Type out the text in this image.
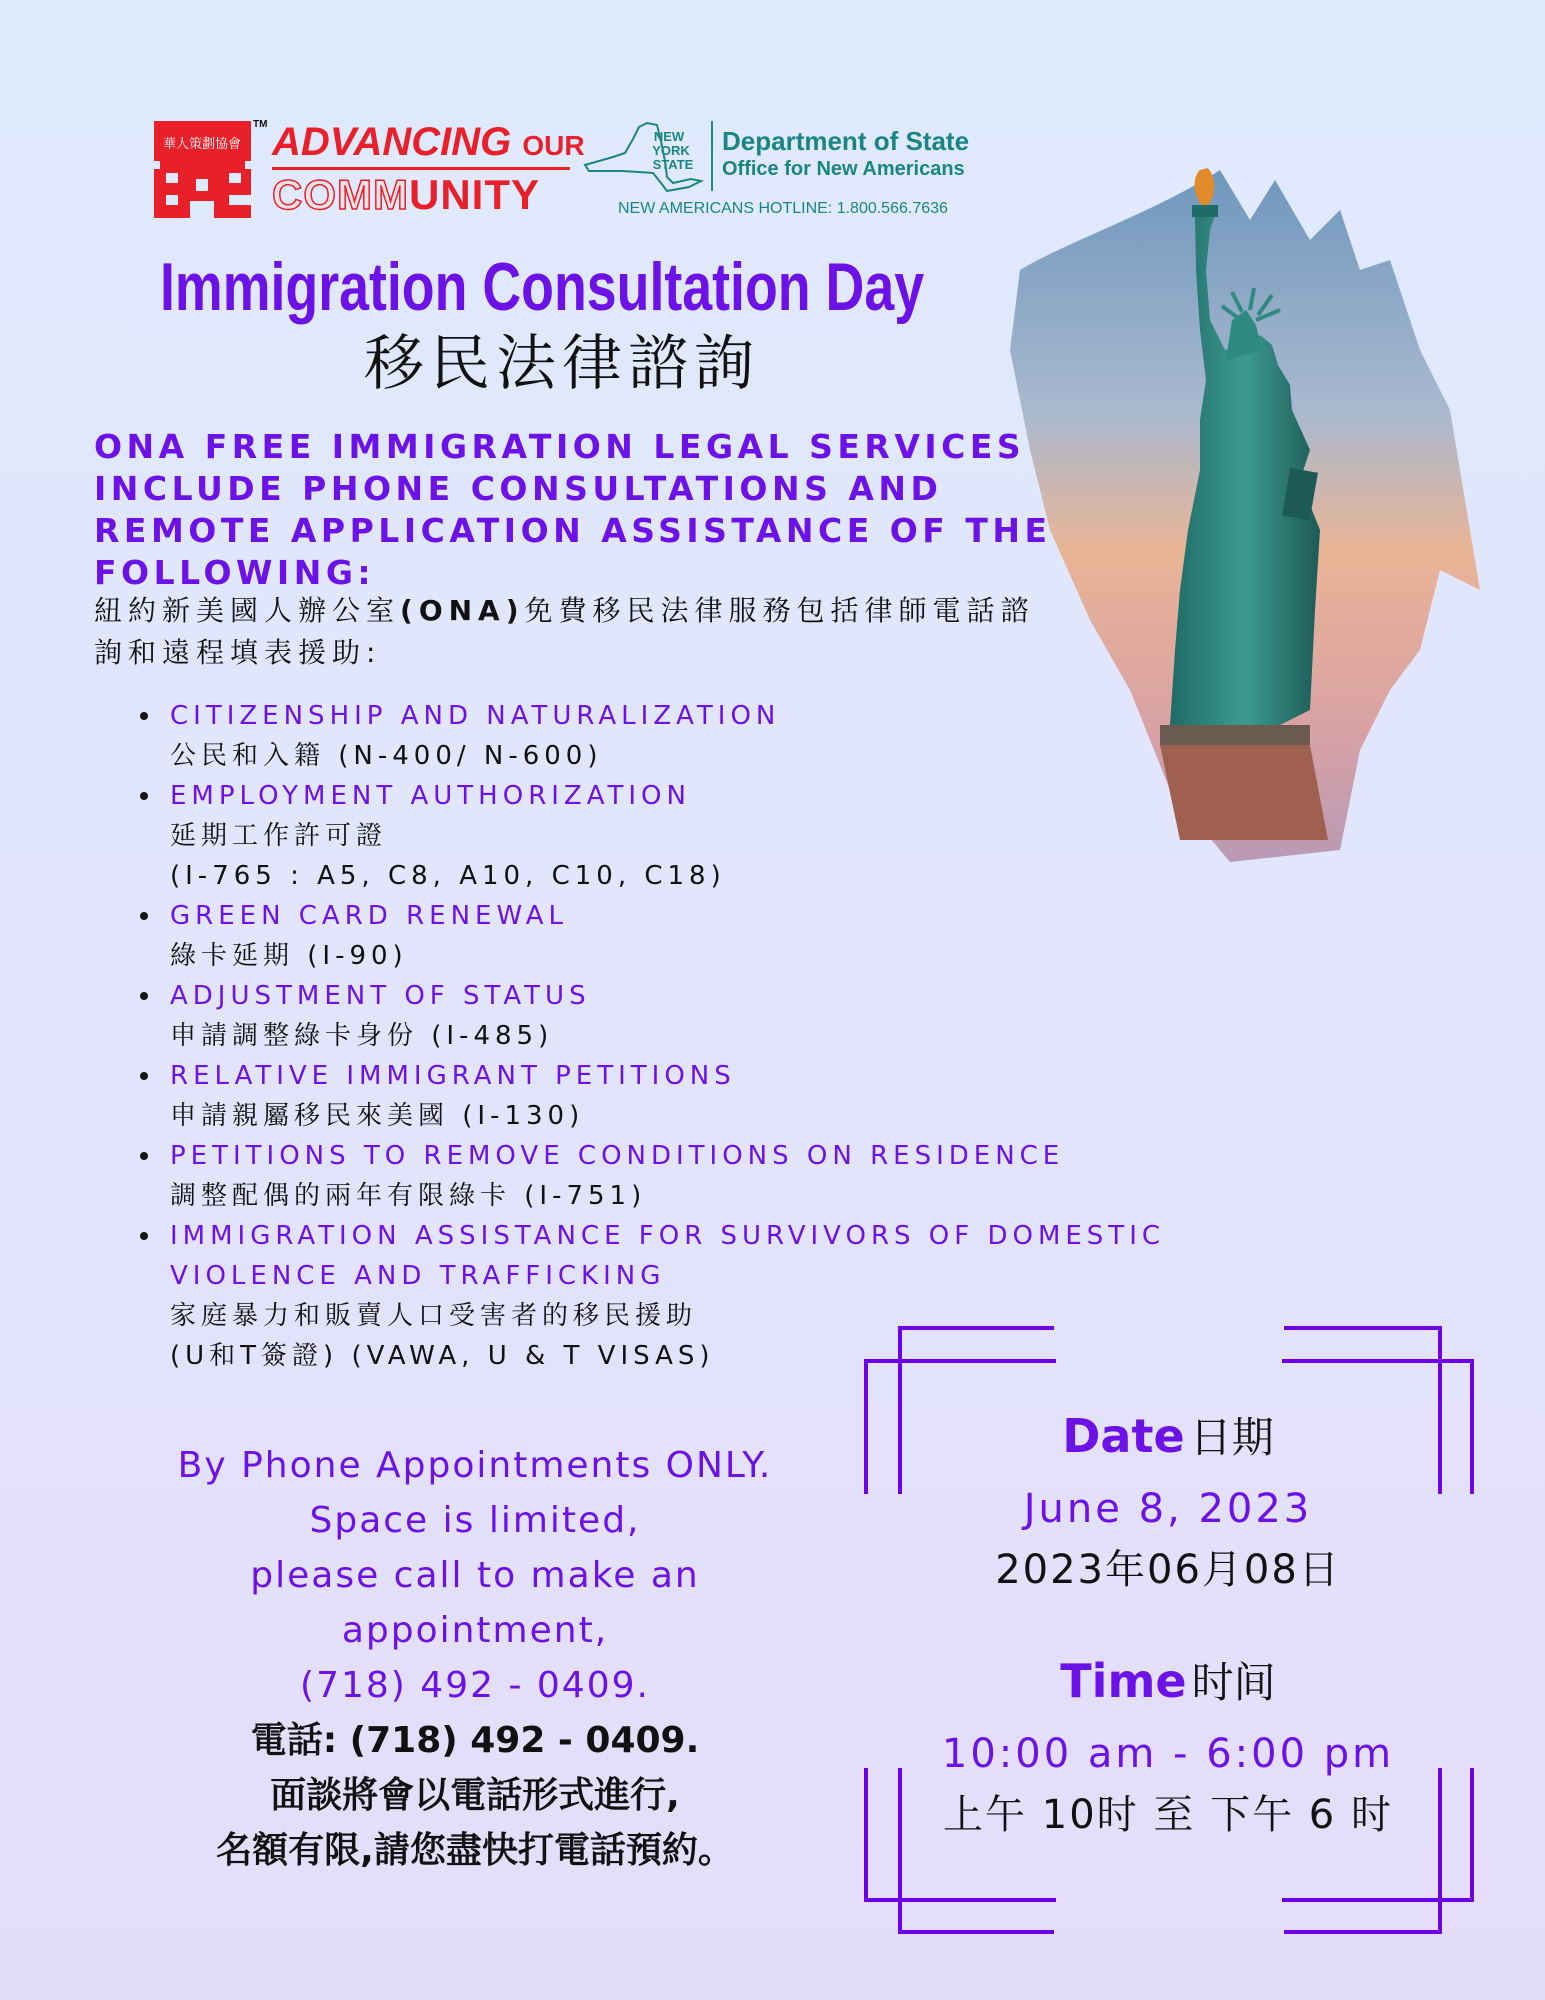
華人策劃協會
TM ADVANCING OUR
COMMUNITY
NEW
YORK
STATE
Department of State
Office for New Americans
NEW AMERICANS HOTLINE: 1.800.566.7636
Immigration Consultation Day
移民法律諮詢
ONA FREE IMMIGRATION LEGAL SERVICES INCLUDE PHONE CONSULTATIONS AND REMOTE APPLICATION ASSISTANCE OF THE FOLLOWING:
紐約新美國人辦公室(ONA)免費移民法律服務包括律師電話諮詢和遠程填表援助:
CITIZENSHIP AND NATURALIZATION
公民和入籍 (N-400/ N-600)
EMPLOYMENT AUTHORIZATION
延期工作許可證
(I-765 : A5, C8, A10, C10, C18)
GREEN CARD RENEWAL
綠卡延期 (I-90)
ADJUSTMENT OF STATUS
申請調整綠卡身份 (I-485)
RELATIVE IMMIGRANT PETITIONS
申請親屬移民來美國 (I-130)
PETITIONS TO REMOVE CONDITIONS ON RESIDENCE
調整配偶的兩年有限綠卡 (I-751)
IMMIGRATION ASSISTANCE FOR SURVIVORS OF DOMESTIC VIOLENCE AND TRAFFICKING
家庭暴力和販賣人口受害者的移民援助
(U和T簽證) (VAWA, U & T VISAS)
By Phone Appointments ONLY.
Space is limited,
please call to make an
appointment,
(718) 492 - 0409.
電話: (718) 492 - 0409.
面談將會以電話形式進行,
名額有限,請您盡快打電話預約。
Date 日期
June 8, 2023
2023年06月08日
Time 时间
10:00 am - 6:00 pm
上午 10时 至 下午 6 时
